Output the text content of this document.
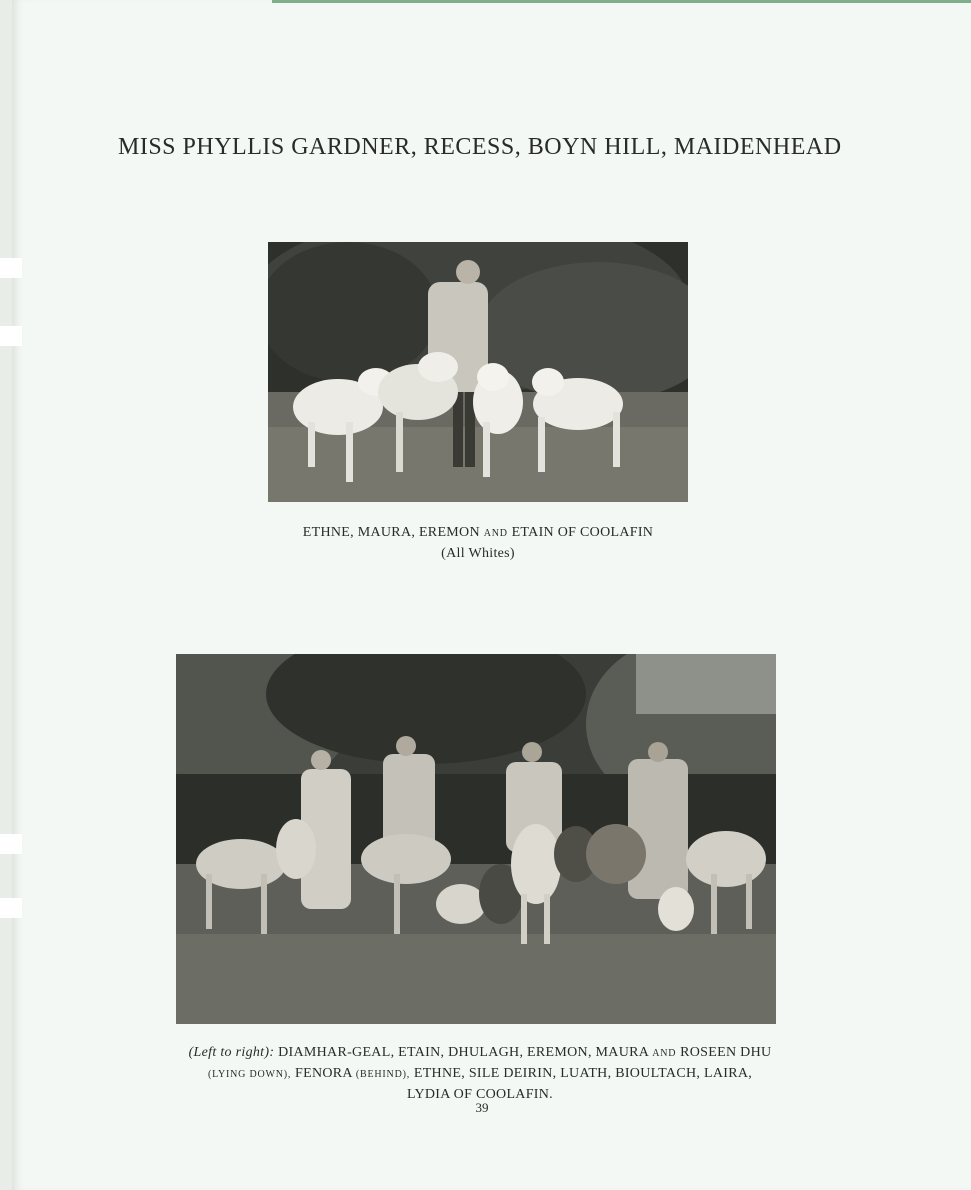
MISS PHYLLIS GARDNER, RECESS, BOYN HILL, MAIDENHEAD
ETHNE, MAURA, EREMON AND ETAIN OF COOLAFIN
(All Whites)
(Left to right): DIAMHAR-GEAL, ETAIN, DHULAGH, EREMON, MAURA AND ROSEEN DHU
(LYING DOWN), FENORA (BEHIND), ETHNE, SILE DEIRIN, LUATH, BIOULTACH, LAIRA,
LYDIA OF COOLAFIN.
39
